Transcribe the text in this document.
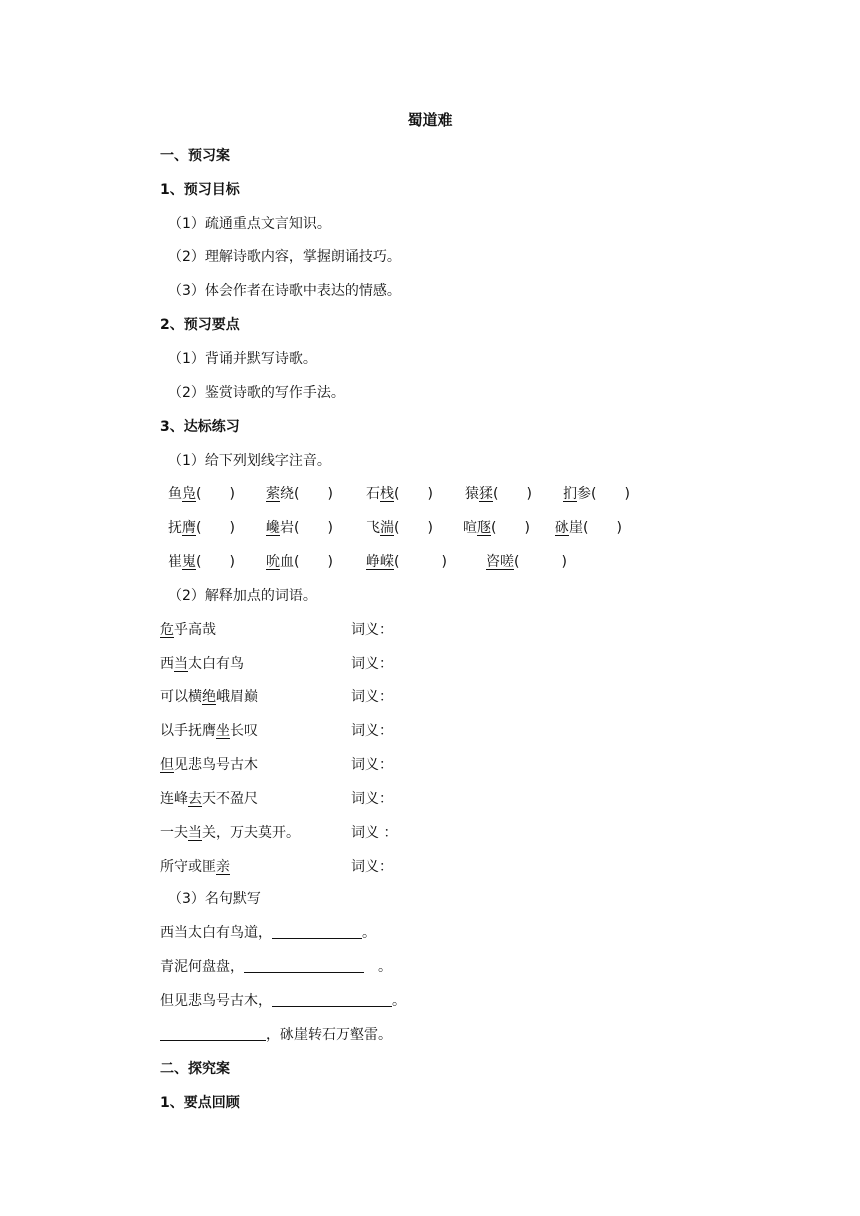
蜀道难
一、预习案
1、预习目标
（1）疏通重点文言知识。
（2）理解诗歌内容，掌握朗诵技巧。
（3）体会作者在诗歌中表达的情感。
2、预习要点
（1）背诵并默写诗歌。
（2）鉴赏诗歌的写作手法。
3、达标练习
（1）给下列划线字注音。
鱼凫(　　) 萦绕(　　) 石栈(　　) 猿猱(　　) 扪参(　　)
抚膺(　　) 巉岩(　　) 飞湍(　　) 喧豗(　　) 砯崖(　　)
崔嵬(　　) 吮血(　　) 峥嵘(　　　)	咨嗟(　　　)
（2）解释加点的词语。
危乎高哉	词义：
西当太白有鸟	词义：
可以横绝峨眉巅	词义：
以手抚膺坐长叹	词义：
但见悲鸟号古木	词义：
连峰去天不盈尺	词义：
一夫当关，万夫莫开。	词义 ：
所守或匪亲	词义：
（3）名句默写
西当太白有鸟道，	。
青泥何盘盘，	　。
但见悲鸟号古木，	。
，砯崖转石万壑雷。
二、探究案
1、要点回顾
